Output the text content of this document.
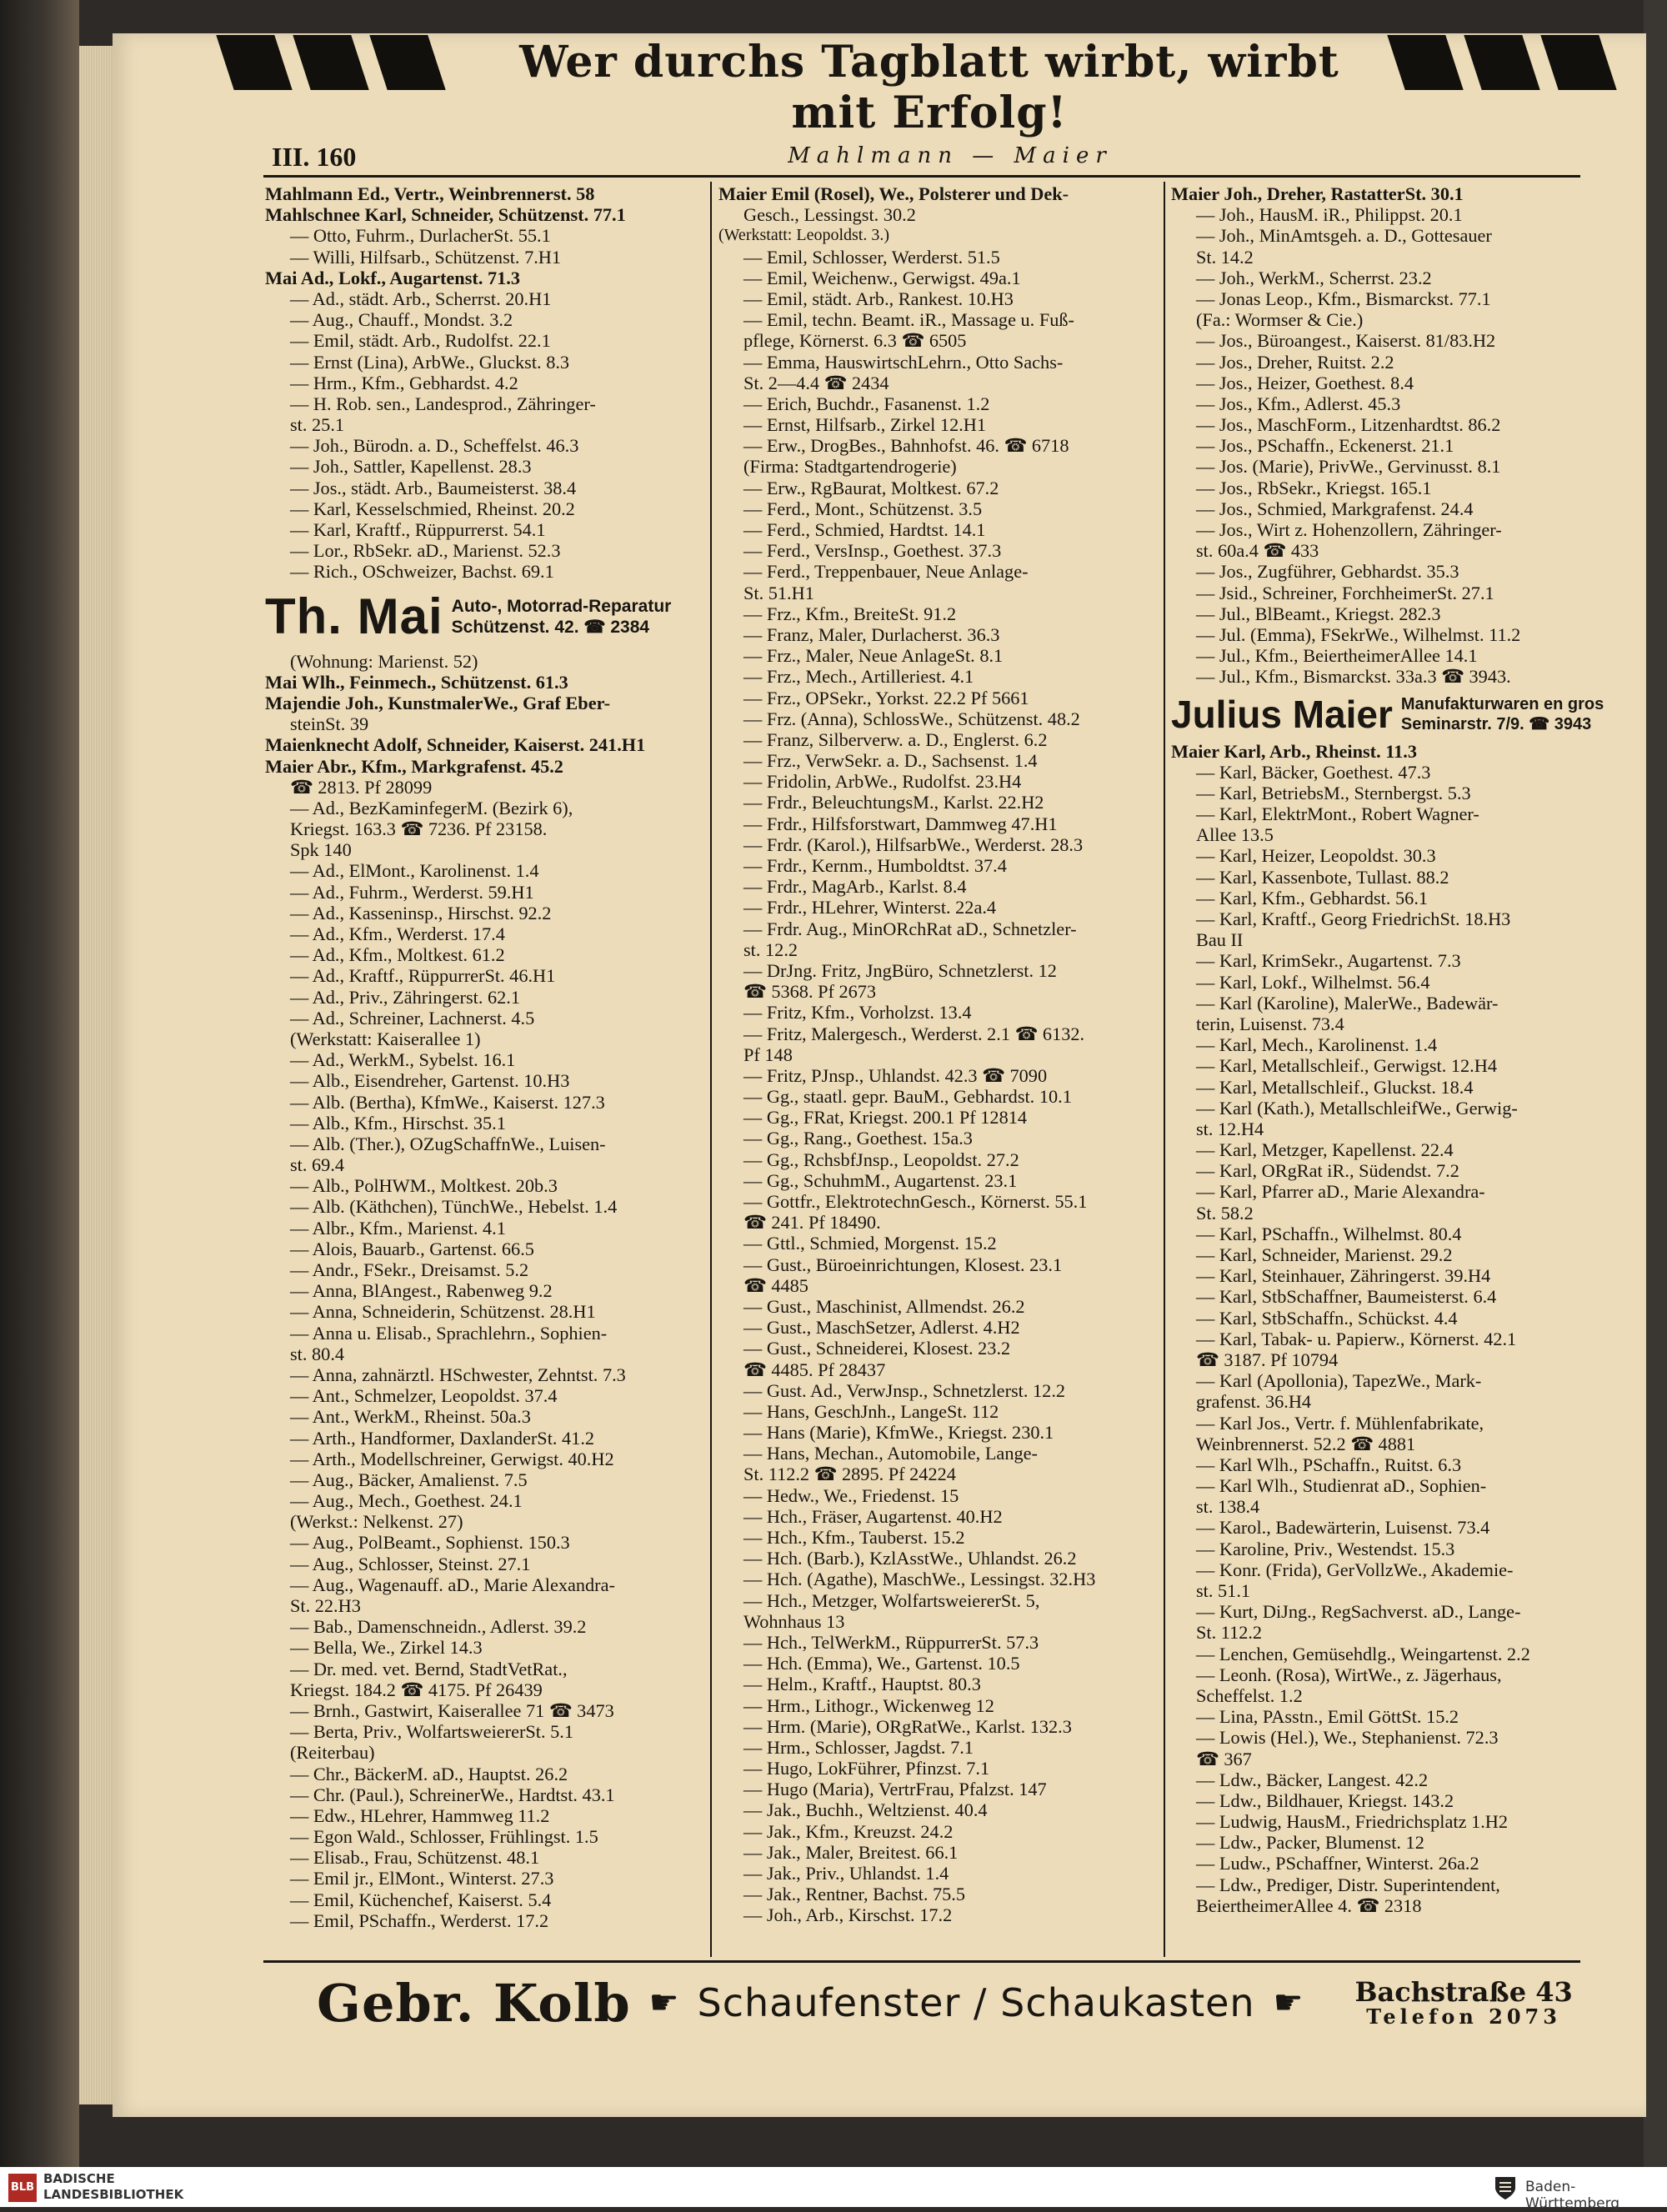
Wer durchs Tagblatt wirbt, wirbt mit Erfolg!
III. 160	Mahlmann — Maier
Mahlmann Ed., Vertr., Weinbrennerst. 58
Mahlschnee Karl, Schneider, Schützenst. 77.1
— Otto, Fuhrm., DurlacherSt. 55.1
— Willi, Hilfsarb., Schützenst. 7.H1
Mai Ad., Lokf., Augartenst. 71.3
— Ad., städt. Arb., Scherrst. 20.H1
— Aug., Chauff., Mondst. 3.2
— Emil, städt. Arb., Rudolfst. 22.1
— Ernst (Lina), ArbWe., Gluckst. 8.3
— Hrm., Kfm., Gebhardst. 4.2
— H. Rob. sen., Landesprod., Zähringer-
st. 25.1
— Joh., Bürodn. a. D., Scheffelst. 46.3
— Joh., Sattler, Kapellenst. 28.3
— Jos., städt. Arb., Baumeisterst. 38.4
— Karl, Kesselschmied, Rheinst. 20.2
— Karl, Kraftf., Rüppurrerst. 54.1
— Lor., RbSekr. aD., Marienst. 52.3
— Rich., OSchweizer, Bachst. 69.1
Th. Mai Auto-, Motorrad-Reparatur
Schützenst. 42. ☎ 2384
(Wohnung: Marienst. 52)
Mai Wlh., Feinmech., Schützenst. 61.3
Majendie Joh., KunstmalerWe., Graf Eber-
steinSt. 39
Maienknecht Adolf, Schneider, Kaiserst. 241.H1
Maier Abr., Kfm., Markgrafenst. 45.2
☎ 2813. Pf 28099
— Ad., BezKaminfegerM. (Bezirk 6),
Kriegst. 163.3 ☎ 7236. Pf 23158.
Spk 140
— Ad., ElMont., Karolinenst. 1.4
— Ad., Fuhrm., Werderst. 59.H1
— Ad., Kasseninsp., Hirschst. 92.2
— Ad., Kfm., Werderst. 17.4
— Ad., Kfm., Moltkest. 61.2
— Ad., Kraftf., RüppurrerSt. 46.H1
— Ad., Priv., Zähringerst. 62.1
— Ad., Schreiner, Lachnerst. 4.5
(Werkstatt: Kaiserallee 1)
— Ad., WerkM., Sybelst. 16.1
— Alb., Eisendreher, Gartenst. 10.H3
— Alb. (Bertha), KfmWe., Kaiserst. 127.3
— Alb., Kfm., Hirschst. 35.1
— Alb. (Ther.), OZugSchaffnWe., Luisen-
st. 69.4
— Alb., PolHWM., Moltkest. 20b.3
— Alb. (Käthchen), TünchWe., Hebelst. 1.4
— Albr., Kfm., Marienst. 4.1
— Alois, Bauarb., Gartenst. 66.5
— Andr., FSekr., Dreisamst. 5.2
— Anna, BlAngest., Rabenweg 9.2
— Anna, Schneiderin, Schützenst. 28.H1
— Anna u. Elisab., Sprachlehrn., Sophien-
st. 80.4
— Anna, zahnärztl. HSchwester, Zehntst. 7.3
— Ant., Schmelzer, Leopoldst. 37.4
— Ant., WerkM., Rheinst. 50a.3
— Arth., Handformer, DaxlanderSt. 41.2
— Arth., Modellschreiner, Gerwigst. 40.H2
— Aug., Bäcker, Amalienst. 7.5
— Aug., Mech., Goethest. 24.1
(Werkst.: Nelkenst. 27)
— Aug., PolBeamt., Sophienst. 150.3
— Aug., Schlosser, Steinst. 27.1
— Aug., Wagenauff. aD., Marie Alexandra-
St. 22.H3
— Bab., Damenschneidn., Adlerst. 39.2
— Bella, We., Zirkel 14.3
— Dr. med. vet. Bernd, StadtVetRat.,
Kriegst. 184.2 ☎ 4175. Pf 26439
— Brnh., Gastwirt, Kaiserallee 71 ☎ 3473
— Berta, Priv., WolfartsweiererSt. 5.1
(Reiterbau)
— Chr., BäckerM. aD., Hauptst. 26.2
— Chr. (Paul.), SchreinerWe., Hardtst. 43.1
— Edw., HLehrer, Hammweg 11.2
— Egon Wald., Schlosser, Frühlingst. 1.5
— Elisab., Frau, Schützenst. 48.1
— Emil jr., ElMont., Winterst. 27.3
— Emil, Küchenchef, Kaiserst. 5.4
— Emil, PSchaffn., Werderst. 17.2
Maier Emil (Rosel), We., Polsterer und Dek-
Gesch., Lessingst. 30.2
(Werkstatt: Leopoldst. 3.)
— Emil, Schlosser, Werderst. 51.5
— Emil, Weichenw., Gerwigst. 49a.1
— Emil, städt. Arb., Rankest. 10.H3
— Emil, techn. Beamt. iR., Massage u. Fuß-
pflege, Körnerst. 6.3 ☎ 6505
— Emma, HauswirtschLehrn., Otto Sachs-
St. 2—4.4 ☎ 2434
— Erich, Buchdr., Fasanenst. 1.2
— Ernst, Hilfsarb., Zirkel 12.H1
— Erw., DrogBes., Bahnhofst. 46. ☎ 6718
(Firma: Stadtgartendrogerie)
— Erw., RgBaurat, Moltkest. 67.2
— Ferd., Mont., Schützenst. 3.5
— Ferd., Schmied, Hardtst. 14.1
— Ferd., VersInsp., Goethest. 37.3
— Ferd., Treppenbauer, Neue Anlage-
St. 51.H1
— Frz., Kfm., BreiteSt. 91.2
— Franz, Maler, Durlacherst. 36.3
— Frz., Maler, Neue AnlageSt. 8.1
— Frz., Mech., Artilleriest. 4.1
— Frz., OPSekr., Yorkst. 22.2 Pf 5661
— Frz. (Anna), SchlossWe., Schützenst. 48.2
— Franz, Silberverw. a. D., Englerst. 6.2
— Frz., VerwSekr. a. D., Sachsenst. 1.4
— Fridolin, ArbWe., Rudolfst. 23.H4
— Frdr., BeleuchtungsM., Karlst. 22.H2
— Frdr., Hilfsforstwart, Dammweg 47.H1
— Frdr. (Karol.), HilfsarbWe., Werderst. 28.3
— Frdr., Kernm., Humboldtst. 37.4
— Frdr., MagArb., Karlst. 8.4
— Frdr., HLehrer, Winterst. 22a.4
— Frdr. Aug., MinORchRat aD., Schnetzler-
st. 12.2
— DrJng. Fritz, JngBüro, Schnetzlerst. 12
☎ 5368. Pf 2673
— Fritz, Kfm., Vorholzst. 13.4
— Fritz, Malergesch., Werderst. 2.1 ☎ 6132.
Pf 148
— Fritz, PJnsp., Uhlandst. 42.3 ☎ 7090
— Gg., staatl. gepr. BauM., Gebhardst. 10.1
— Gg., FRat, Kriegst. 200.1 Pf 12814
— Gg., Rang., Goethest. 15a.3
— Gg., RchsbfJnsp., Leopoldst. 27.2
— Gg., SchuhmM., Augartenst. 23.1
— Gottfr., ElektrotechnGesch., Körnerst. 55.1
☎ 241. Pf 18490.
— Gttl., Schmied, Morgenst. 15.2
— Gust., Büroeinrichtungen, Klosest. 23.1
☎ 4485
— Gust., Maschinist, Allmendst. 26.2
— Gust., MaschSetzer, Adlerst. 4.H2
— Gust., Schneiderei, Klosest. 23.2
☎ 4485. Pf 28437
— Gust. Ad., VerwJnsp., Schnetzlerst. 12.2
— Hans, GeschJnh., LangeSt. 112
— Hans (Marie), KfmWe., Kriegst. 230.1
— Hans, Mechan., Automobile, Lange-
St. 112.2 ☎ 2895. Pf 24224
— Hedw., We., Friedenst. 15
— Hch., Fräser, Augartenst. 40.H2
— Hch., Kfm., Tauberst. 15.2
— Hch. (Barb.), KzlAsstWe., Uhlandst. 26.2
— Hch. (Agathe), MaschWe., Lessingst. 32.H3
— Hch., Metzger, WolfartsweiererSt. 5,
Wohnhaus 13
— Hch., TelWerkM., RüppurrerSt. 57.3
— Hch. (Emma), We., Gartenst. 10.5
— Helm., Kraftf., Hauptst. 80.3
— Hrm., Lithogr., Wickenweg 12
— Hrm. (Marie), ORgRatWe., Karlst. 132.3
— Hrm., Schlosser, Jagdst. 7.1
— Hugo, LokFührer, Pfinzst. 7.1
— Hugo (Maria), VertrFrau, Pfalzst. 147
— Jak., Buchh., Weltzienst. 40.4
— Jak., Kfm., Kreuzst. 24.2
— Jak., Maler, Breitest. 66.1
— Jak., Priv., Uhlandst. 1.4
— Jak., Rentner, Bachst. 75.5
— Joh., Arb., Kirschst. 17.2
Maier Joh., Dreher, RastatterSt. 30.1
— Joh., HausM. iR., Philippst. 20.1
— Joh., MinAmtsgeh. a. D., Gottesauer
St. 14.2
— Joh., WerkM., Scherrst. 23.2
— Jonas Leop., Kfm., Bismarckst. 77.1
(Fa.: Wormser & Cie.)
— Jos., Büroangest., Kaiserst. 81/83.H2
— Jos., Dreher, Ruitst. 2.2
— Jos., Heizer, Goethest. 8.4
— Jos., Kfm., Adlerst. 45.3
— Jos., MaschForm., Litzenhardtst. 86.2
— Jos., PSchaffn., Eckenerst. 21.1
— Jos. (Marie), PrivWe., Gervinusst. 8.1
— Jos., RbSekr., Kriegst. 165.1
— Jos., Schmied, Markgrafenst. 24.4
— Jos., Wirt z. Hohenzollern, Zähringer-
st. 60a.4 ☎ 433
— Jos., Zugführer, Gebhardst. 35.3
— Jsid., Schreiner, ForchheimerSt. 27.1
— Jul., BlBeamt., Kriegst. 282.3
— Jul. (Emma), FSekrWe., Wilhelmst. 11.2
— Jul., Kfm., BeiertheimerAllee 14.1
— Jul., Kfm., Bismarckst. 33a.3 ☎ 3943.
Julius Maier Manufakturwaren en gros
Seminarstr. 7/9. ☎ 3943
Maier Karl, Arb., Rheinst. 11.3
— Karl, Bäcker, Goethest. 47.3
— Karl, BetriebsM., Sternbergst. 5.3
— Karl, ElektrMont., Robert Wagner-
Allee 13.5
— Karl, Heizer, Leopoldst. 30.3
— Karl, Kassenbote, Tullast. 88.2
— Karl, Kfm., Gebhardst. 56.1
— Karl, Kraftf., Georg FriedrichSt. 18.H3
Bau II
— Karl, KrimSekr., Augartenst. 7.3
— Karl, Lokf., Wilhelmst. 56.4
— Karl (Karoline), MalerWe., Badewär-
terin, Luisenst. 73.4
— Karl, Mech., Karolinenst. 1.4
— Karl, Metallschleif., Gerwigst. 12.H4
— Karl, Metallschleif., Gluckst. 18.4
— Karl (Kath.), MetallschleifWe., Gerwig-
st. 12.H4
— Karl, Metzger, Kapellenst. 22.4
— Karl, ORgRat iR., Südendst. 7.2
— Karl, Pfarrer aD., Marie Alexandra-
St. 58.2
— Karl, PSchaffn., Wilhelmst. 80.4
— Karl, Schneider, Marienst. 29.2
— Karl, Steinhauer, Zähringerst. 39.H4
— Karl, StbSchaffner, Baumeisterst. 6.4
— Karl, StbSchaffn., Schückst. 4.4
— Karl, Tabak- u. Papierw., Körnerst. 42.1
☎ 3187. Pf 10794
— Karl (Apollonia), TapezWe., Mark-
grafenst. 36.H4
— Karl Jos., Vertr. f. Mühlenfabrikate,
Weinbrennerst. 52.2 ☎ 4881
— Karl Wlh., PSchaffn., Ruitst. 6.3
— Karl Wlh., Studienrat aD., Sophien-
st. 138.4
— Karol., Badewärterin, Luisenst. 73.4
— Karoline, Priv., Westendst. 15.3
— Konr. (Frida), GerVollzWe., Akademie-
st. 51.1
— Kurt, DiJng., RegSachverst. aD., Lange-
St. 112.2
— Lenchen, Gemüsehdlg., Weingartenst. 2.2
— Leonh. (Rosa), WirtWe., z. Jägerhaus,
Scheffelst. 1.2
— Lina, PAsstn., Emil GöttSt. 15.2
— Lowis (Hel.), We., Stephanienst. 72.3
☎ 367
— Ldw., Bäcker, Langest. 42.2
— Ldw., Bildhauer, Kriegst. 143.2
— Ludwig, HausM., Friedrichsplatz 1.H2
— Ldw., Packer, Blumenst. 12
— Ludw., PSchaffner, Winterst. 26a.2
— Ldw., Prediger, Distr. Superintendent,
BeiertheimerAllee 4. ☎ 2318
Gebr. Kolb ☛ Schaufenster / Schaukasten ☛ Bachstraße 43
Telefon 2073
BLB
BADISCHE
LANDESBIBLIOTHEK	Baden-Württemberg
